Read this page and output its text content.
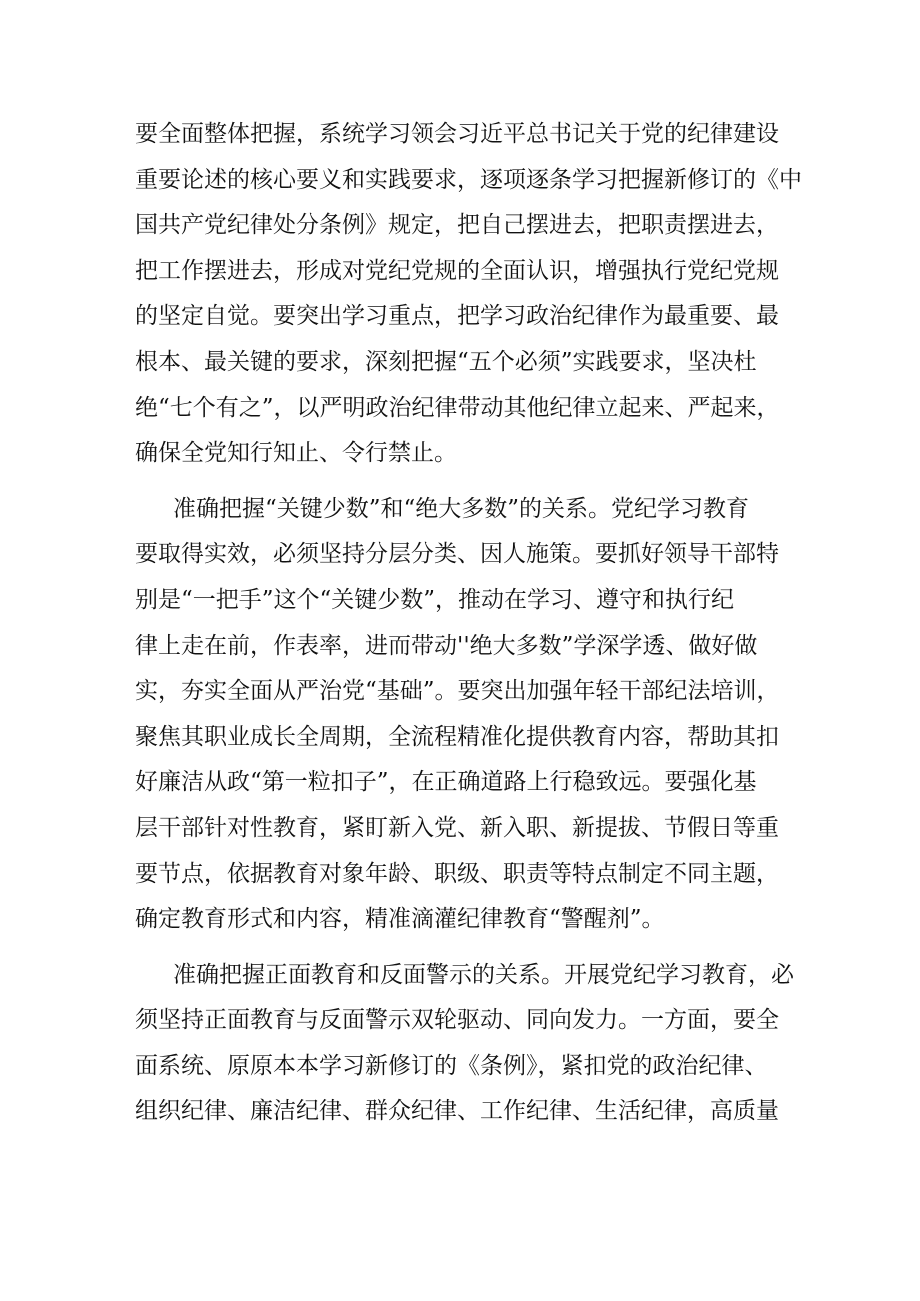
要全面整体把握，系统学习领会习近平总书记关于党的纪律建设
重要论述的核心要义和实践要求，逐项逐条学习把握新修订的《中
国共产党纪律处分条例》规定，把自己摆进去，把职责摆进去，
把工作摆进去，形成对党纪党规的全面认识，增强执行党纪党规
的坚定自觉。要突出学习重点，把学习政治纪律作为最重要、最
根本、最关键的要求，深刻把握“五个必须”实践要求，坚决杜
绝“七个有之”，以严明政治纪律带动其他纪律立起来、严起来，
确保全党知行知止、令行禁止。
准确把握“关键少数”和“绝大多数”的关系。党纪学习教育
要取得实效，必须坚持分层分类、因人施策。要抓好领导干部特
别是“一把手”这个“关键少数”，推动在学习、遵守和执行纪
律上走在前，作表率，进而带动''绝大多数”学深学透、做好做
实，夯实全面从严治党“基础”。要突出加强年轻干部纪法培训，
聚焦其职业成长全周期，全流程精准化提供教育内容，帮助其扣
好廉洁从政“第一粒扣子”，在正确道路上行稳致远。要强化基
层干部针对性教育，紧盯新入党、新入职、新提拔、节假日等重
要节点，依据教育对象年龄、职级、职责等特点制定不同主题，
确定教育形式和内容，精准滴灌纪律教育“警醒剂”。
准确把握正面教育和反面警示的关系。开展党纪学习教育，必
须坚持正面教育与反面警示双轮驱动、同向发力。一方面，要全
面系统、原原本本学习新修订的《条例》，紧扣党的政治纪律、
组织纪律、廉洁纪律、群众纪律、工作纪律、生活纪律，高质量
